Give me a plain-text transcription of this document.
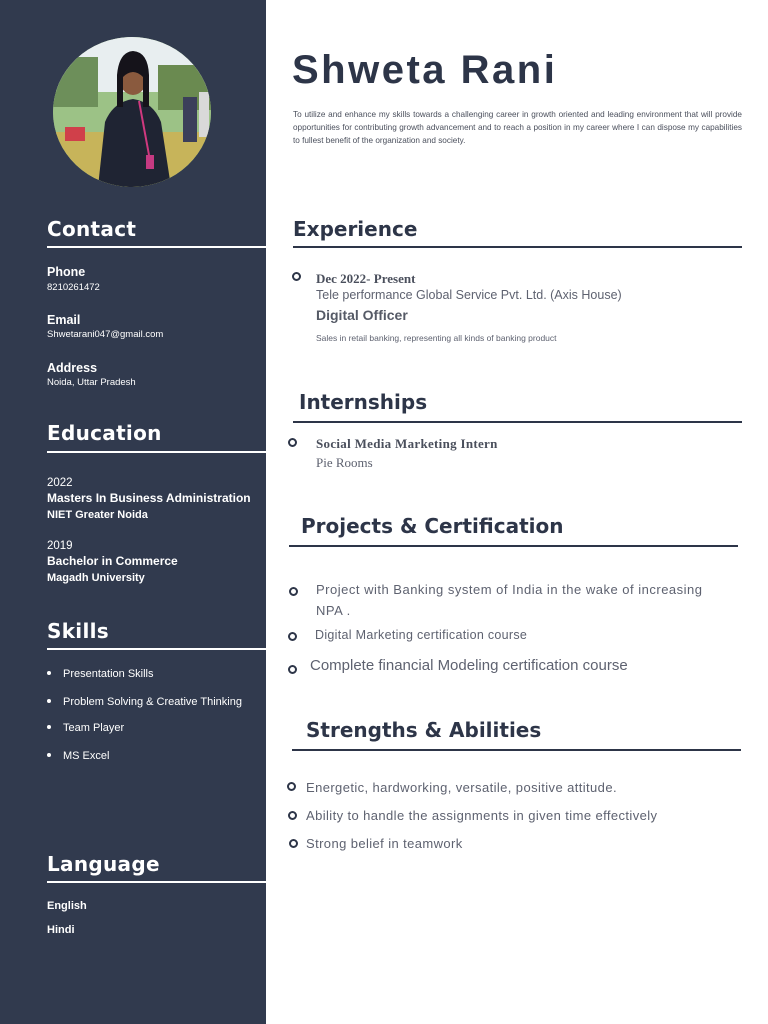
Contact
Phone
8210261472
Email
Shwetarani047@gmail.com
Address
Noida, Uttar Pradesh
Education
2022
Masters In Business Administration
NIET Greater Noida
2019
Bachelor in Commerce
Magadh University
Skills
Presentation Skills
Problem Solving & Creative Thinking
Team Player
MS Excel
Language
English
Hindi
Shweta Rani
To utilize and enhance my skills towards a challenging career in growth oriented and leading environment that will provide opportunities for contributing growth advancement and to reach a position in my career where I can dispose my capabilities to fullest benefit of the organization and society.
Experience
Dec 2022- Present
Tele performance Global Service Pvt. Ltd. (Axis House)
Digital Officer
Sales in retail banking, representing all kinds of banking product
Internships
Social Media Marketing Intern
Pie Rooms
Projects & Certification
Project with Banking system of India in the wake of increasing NPA .
Digital Marketing certification course
Complete financial Modeling certification course
Strengths & Abilities
Energetic, hardworking, versatile, positive attitude.
Ability to handle the assignments in given time effectively
Strong belief in teamwork
